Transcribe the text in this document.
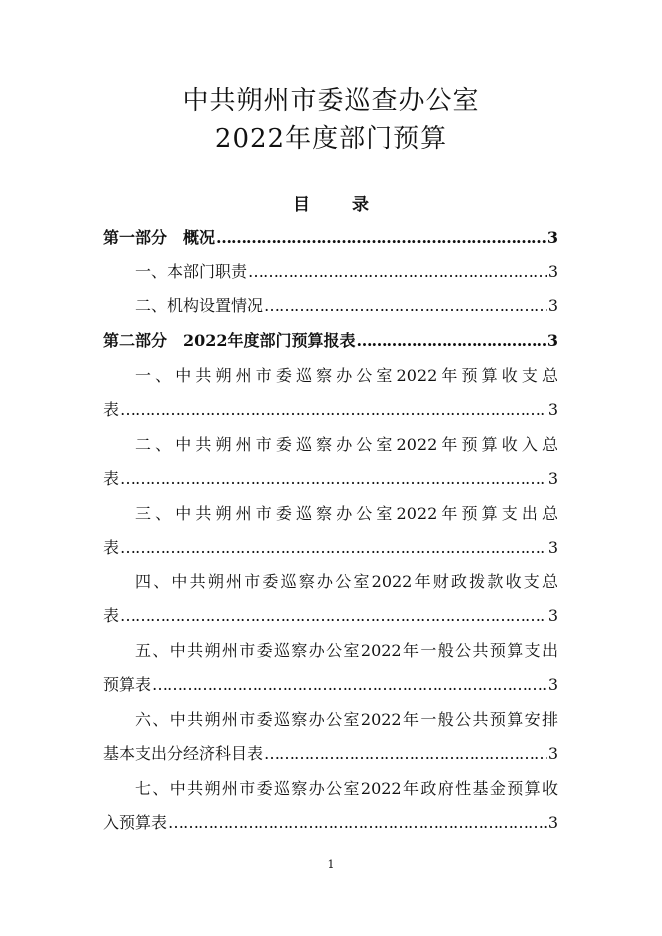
中共朔州市委巡查办公室
2022年度部门预算
目 录
第一部分　概况 ……………………………………………………………………………………………………	3
一、本部门职责 ……………………………………………………………………………………………………	3
二、机构设置情况 ……………………………………………………………………………………………………	3
第二部分　2022年度部门预算报表 ……………………………………………………………………………………………………	3
一、中共朔州市委巡察办公室2022年预算收支总
表 ……………………………………………………………………………………………………	3
二、中共朔州市委巡察办公室2022年预算收入总
表 ……………………………………………………………………………………………………	3
三、中共朔州市委巡察办公室2022年预算支出总
表 ……………………………………………………………………………………………………	3
四、中共朔州市委巡察办公室2022年财政拨款收支总
表 ……………………………………………………………………………………………………	3
五、中共朔州市委巡察办公室2022年一般公共预算支出
预算表 ……………………………………………………………………………………………………	3
六、中共朔州市委巡察办公室2022年一般公共预算安排
基本支出分经济科目表 ……………………………………………………………………………………………………	3
七、中共朔州市委巡察办公室2022年政府性基金预算收
入预算表 ……………………………………………………………………………………………………	3
1
